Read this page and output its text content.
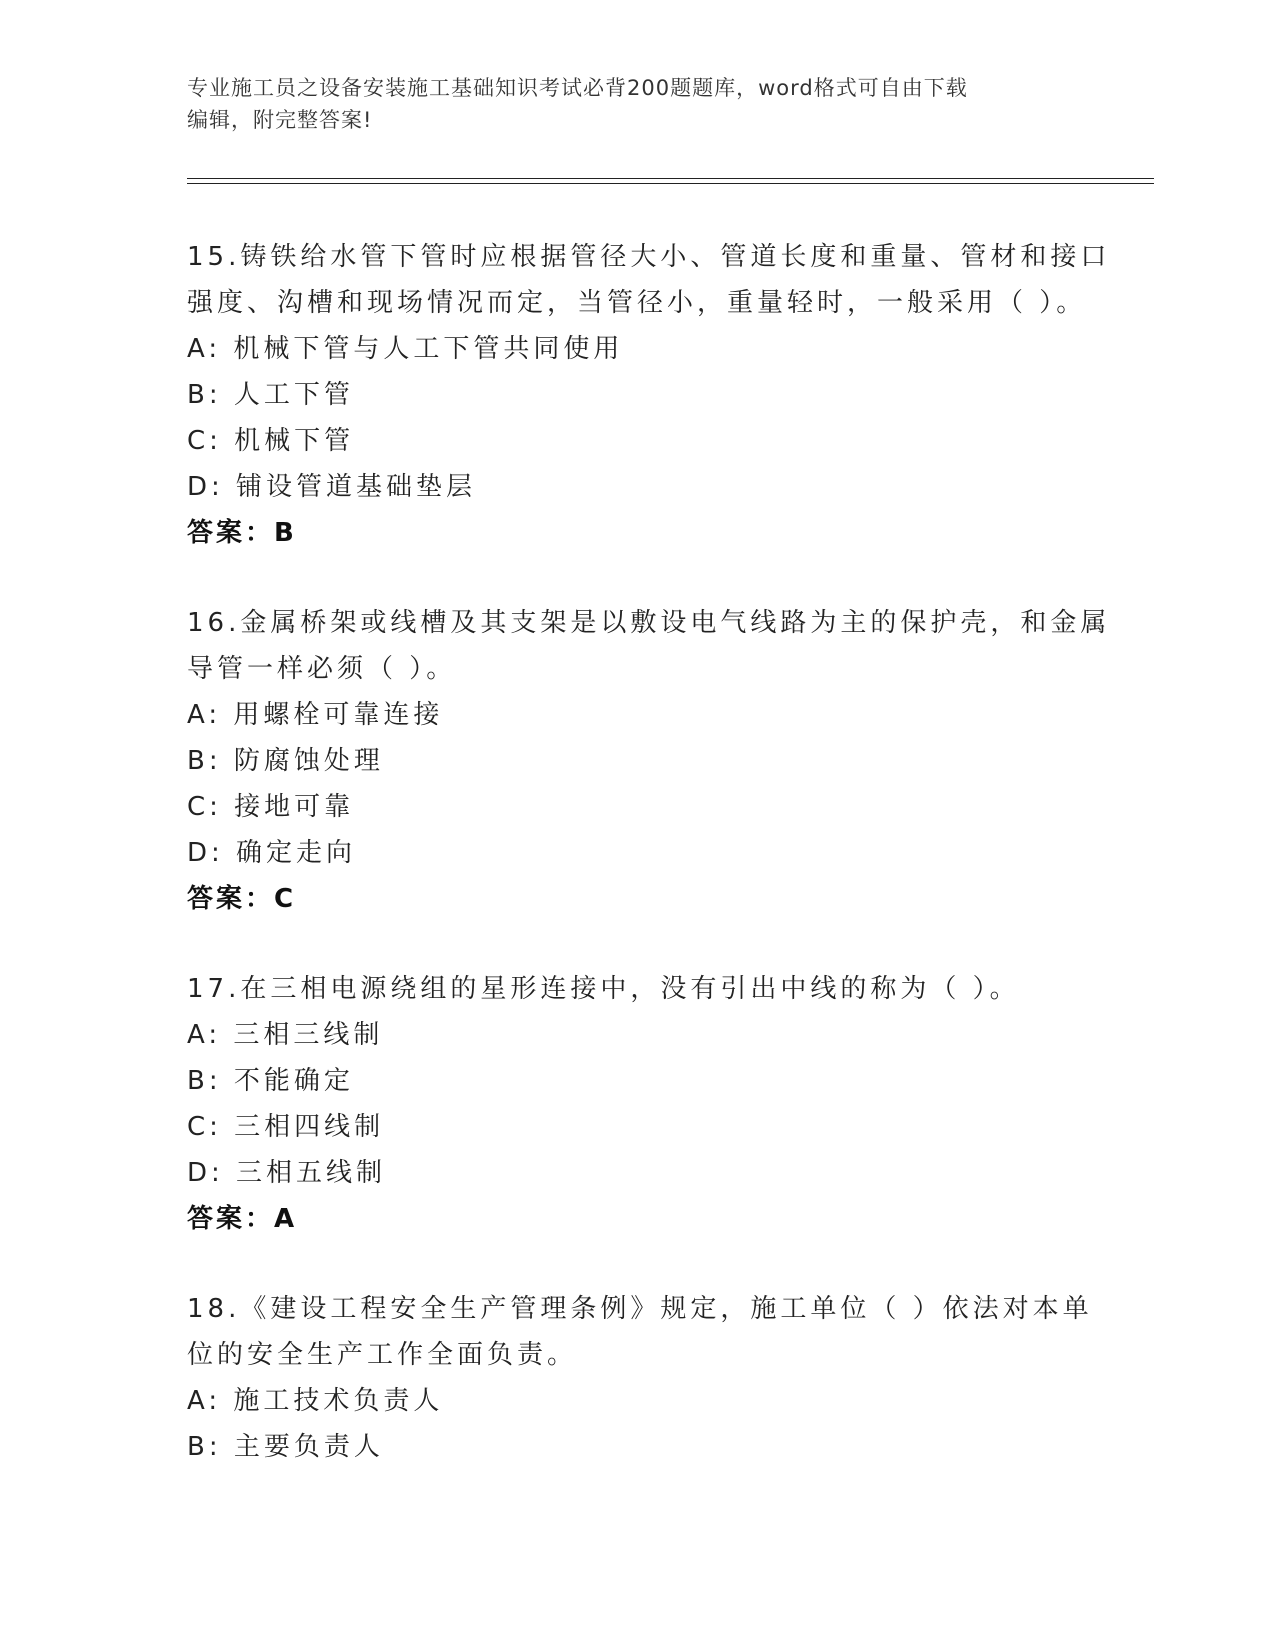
专业施工员之设备安装施工基础知识考试必背200题题库，word格式可自由下载
编辑，附完整答案!
15.铸铁给水管下管时应根据管径大小、管道长度和重量、管材和接口
强度、沟槽和现场情况而定，当管径小，重量轻时，一般采用（ ）。
A: 机械下管与人工下管共同使用
B: 人工下管
C: 机械下管
D: 铺设管道基础垫层
答案：B
16.金属桥架或线槽及其支架是以敷设电气线路为主的保护壳，和金属
导管一样必须（ ）。
A: 用螺栓可靠连接
B: 防腐蚀处理
C: 接地可靠
D: 确定走向
答案：C
17.在三相电源绕组的星形连接中，没有引出中线的称为（ ）。
A: 三相三线制
B: 不能确定
C: 三相四线制
D: 三相五线制
答案：A
18.《建设工程安全生产管理条例》规定，施工单位（ ）依法对本单
位的安全生产工作全面负责。
A: 施工技术负责人
B: 主要负责人
